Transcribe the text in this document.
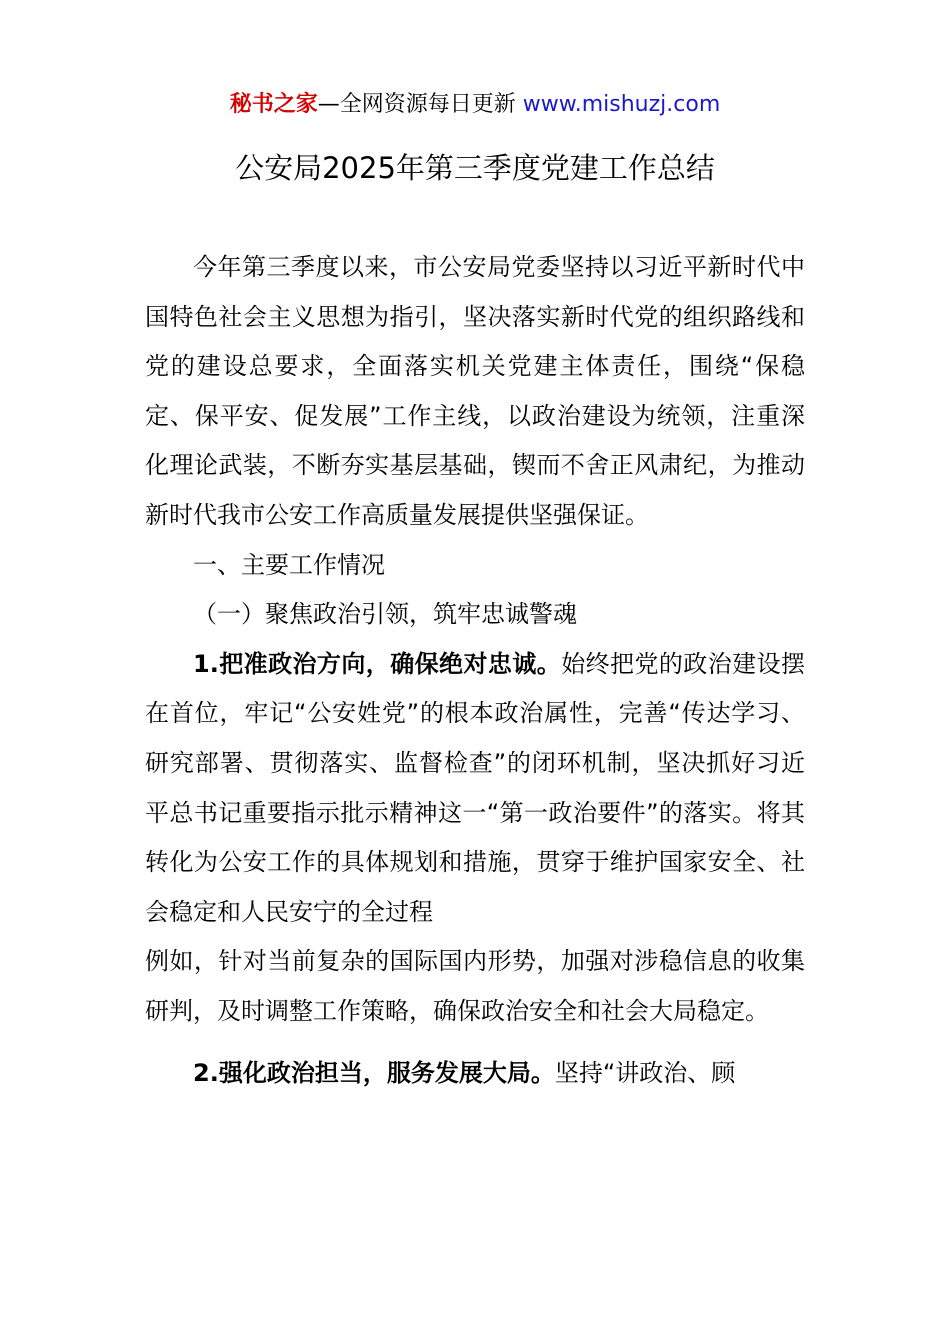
秘书之家—全网资源每日更新 www.mishuzj.com
公安局2025年第三季度党建工作总结

今年第三季度以来，市公安局党委坚持以习近平新时代中国特色社会主义思想为指引，坚决落实新时代党的组织路线和党的建设总要求，全面落实机关党建主体责任，围绕“保稳定、保平安、促发展”工作主线，以政治建设为统领，注重深化理论武装，不断夯实基层基础，锲而不舍正风肃纪，为推动新时代我市公安工作高质量发展提供坚强保证。

一、主要工作情况

（一）聚焦政治引领，筑牢忠诚警魂

1.把准政治方向，确保绝对忠诚。始终把党的政治建设摆在首位，牢记“公安姓党”的根本政治属性，完善“传达学习、研究部署、贯彻落实、监督检查”的闭环机制，坚决抓好习近平总书记重要指示批示精神这一“第一政治要件”的落实。将其转化为公安工作的具体规划和措施，贯穿于维护国家安全、社会稳定和人民安宁的全过程

例如，针对当前复杂的国际国内形势，加强对涉稳信息的收集研判，及时调整工作策略，确保政治安全和社会大局稳定。

2.强化政治担当，服务发展大局。坚持“讲政治、顾
